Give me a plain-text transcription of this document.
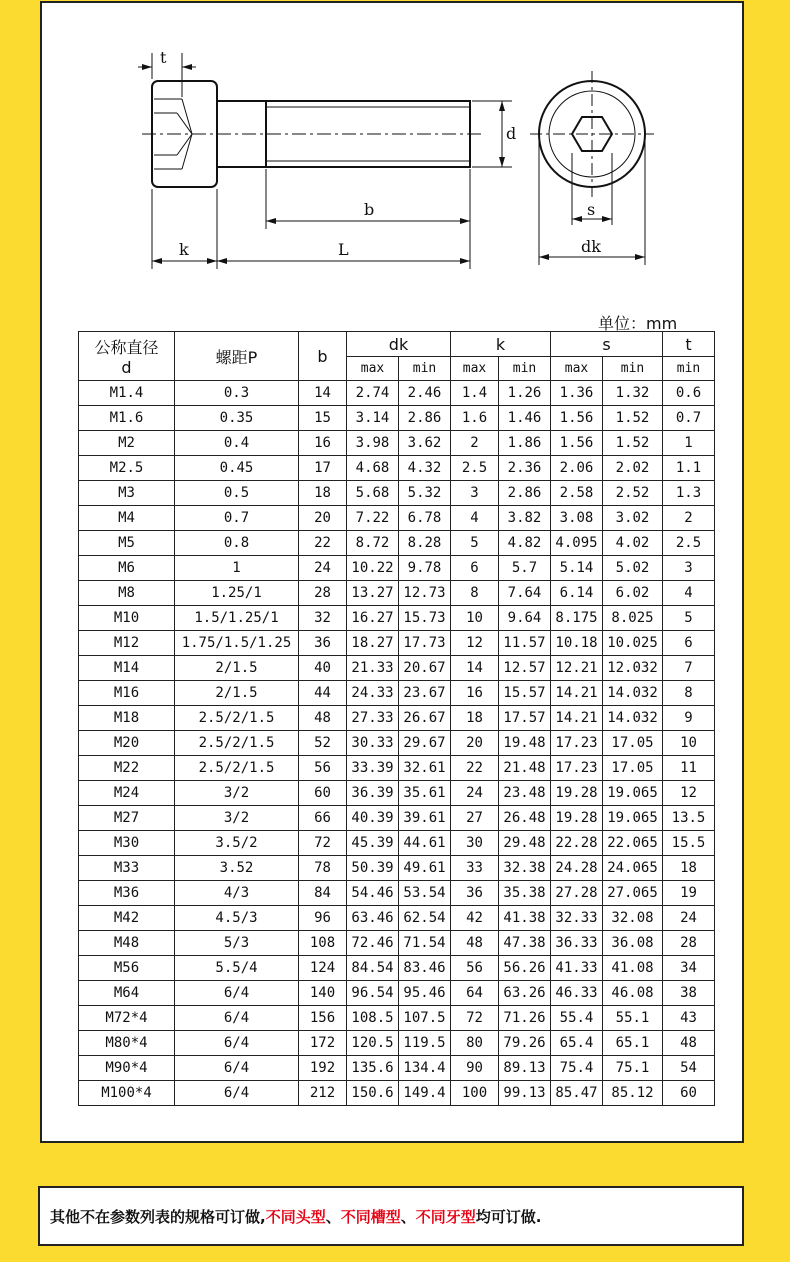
t
d
b
k	L
s
dk
单位：mm
公称直径
d	螺距P	b	dk		k		s		t
			max	min	max	min	max	min	min
M1.4	0.3	14	2.74	2.46	1.4	1.26	1.36	1.32	0.6
M1.6	0.35	15	3.14	2.86	1.6	1.46	1.56	1.52	0.7
M2	0.4	16	3.98	3.62	2	1.86	1.56	1.52	1
M2.5	0.45	17	4.68	4.32	2.5	2.36	2.06	2.02	1.1
M3	0.5	18	5.68	5.32	3	2.86	2.58	2.52	1.3
M4	0.7	20	7.22	6.78	4	3.82	3.08	3.02	2
M5	0.8	22	8.72	8.28	5	4.82	4.095	4.02	2.5
M6	1	24	10.22	9.78	6	5.7	5.14	5.02	3
M8	1.25/1	28	13.27	12.73	8	7.64	6.14	6.02	4
M10	1.5/1.25/1	32	16.27	15.73	10	9.64	8.175	8.025	5
M12	1.75/1.5/1.25	36	18.27	17.73	12	11.57	10.18	10.025	6
M14	2/1.5	40	21.33	20.67	14	12.57	12.21	12.032	7
M16	2/1.5	44	24.33	23.67	16	15.57	14.21	14.032	8
M18	2.5/2/1.5	48	27.33	26.67	18	17.57	14.21	14.032	9
M20	2.5/2/1.5	52	30.33	29.67	20	19.48	17.23	17.05	10
M22	2.5/2/1.5	56	33.39	32.61	22	21.48	17.23	17.05	11
M24	3/2	60	36.39	35.61	24	23.48	19.28	19.065	12
M27	3/2	66	40.39	39.61	27	26.48	19.28	19.065	13.5
M30	3.5/2	72	45.39	44.61	30	29.48	22.28	22.065	15.5
M33	3.52	78	50.39	49.61	33	32.38	24.28	24.065	18
M36	4/3	84	54.46	53.54	36	35.38	27.28	27.065	19
M42	4.5/3	96	63.46	62.54	42	41.38	32.33	32.08	24
M48	5/3	108	72.46	71.54	48	47.38	36.33	36.08	28
M56	5.5/4	124	84.54	83.46	56	56.26	41.33	41.08	34
M64	6/4	140	96.54	95.46	64	63.26	46.33	46.08	38
M72*4	6/4	156	108.5	107.5	72	71.26	55.4	55.1	43
M80*4	6/4	172	120.5	119.5	80	79.26	65.4	65.1	48
M90*4	6/4	192	135.6	134.4	90	89.13	75.4	75.1	54
M100*4	6/4	212	150.6	149.4	100	99.13	85.47	85.12	60
其他不在参数列表的规格可订做, 不同头型 、 不同槽型 、 不同牙型 均可订做.
